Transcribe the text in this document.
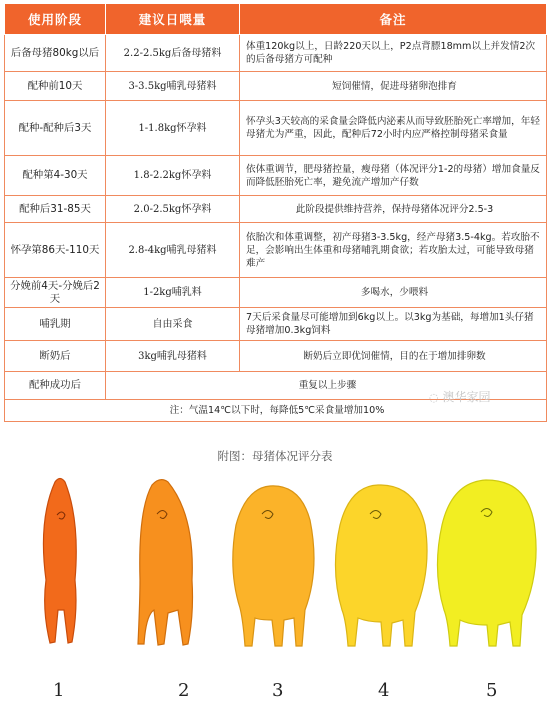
使用阶段	建议日喂量	备注
后备母猪80kg以后	2.2-2.5kg后备母猪料	体重120kg以上，日龄220天以上，P2点背膘18mm以上并发情2次的后备母猪方可配种
配种前10天	3-3.5kg哺乳母猪料	短饲催情，促进母猪卵泡排育
配种-配种后3天	1-1.8kg怀孕料	怀孕头3天较高的采食量会降低内泌素从而导致胚胎死亡率增加，年轻母猪尤为严重，因此，配种后72小时内应严格控制母猪采食量
配种第4-30天	1.8-2.2kg怀孕料	依体重调节，肥母猪控量，瘦母猪（体况评分1-2的母猪）增加食量反而降低胚胎死亡率，避免流产增加产仔数
配种后31-85天	2.0-2.5kg怀孕料	此阶段提供维持营养，保持母猪体况评分2.5-3
怀孕第86天-110天	2.8-4kg哺乳母猪料	依胎次和体重调整，初产母猪3-3.5kg，经产母猪3.5-4kg。若攻胎不足，会影响出生体重和母猪哺乳期食欲；若攻胎太过，可能导致母猪难产
分娩前4天-分娩后2天	1-2kg哺乳料	多喝水，少喂料
哺乳期	自由采食	7天后采食量尽可能增加到6kg以上。以3kg为基础，每增加1头仔猪母猪增加0.3kg饲料
断奶后	3kg哺乳母猪料	断奶后立即优饲催情，目的在于增加排卵数
配种成功后	重复以上步骤	
注：气温14℃以下时，每降低5℃采食量增加10%		
◌ 澳华家园
附图：母猪体况评分表
1	2	3	4	5
